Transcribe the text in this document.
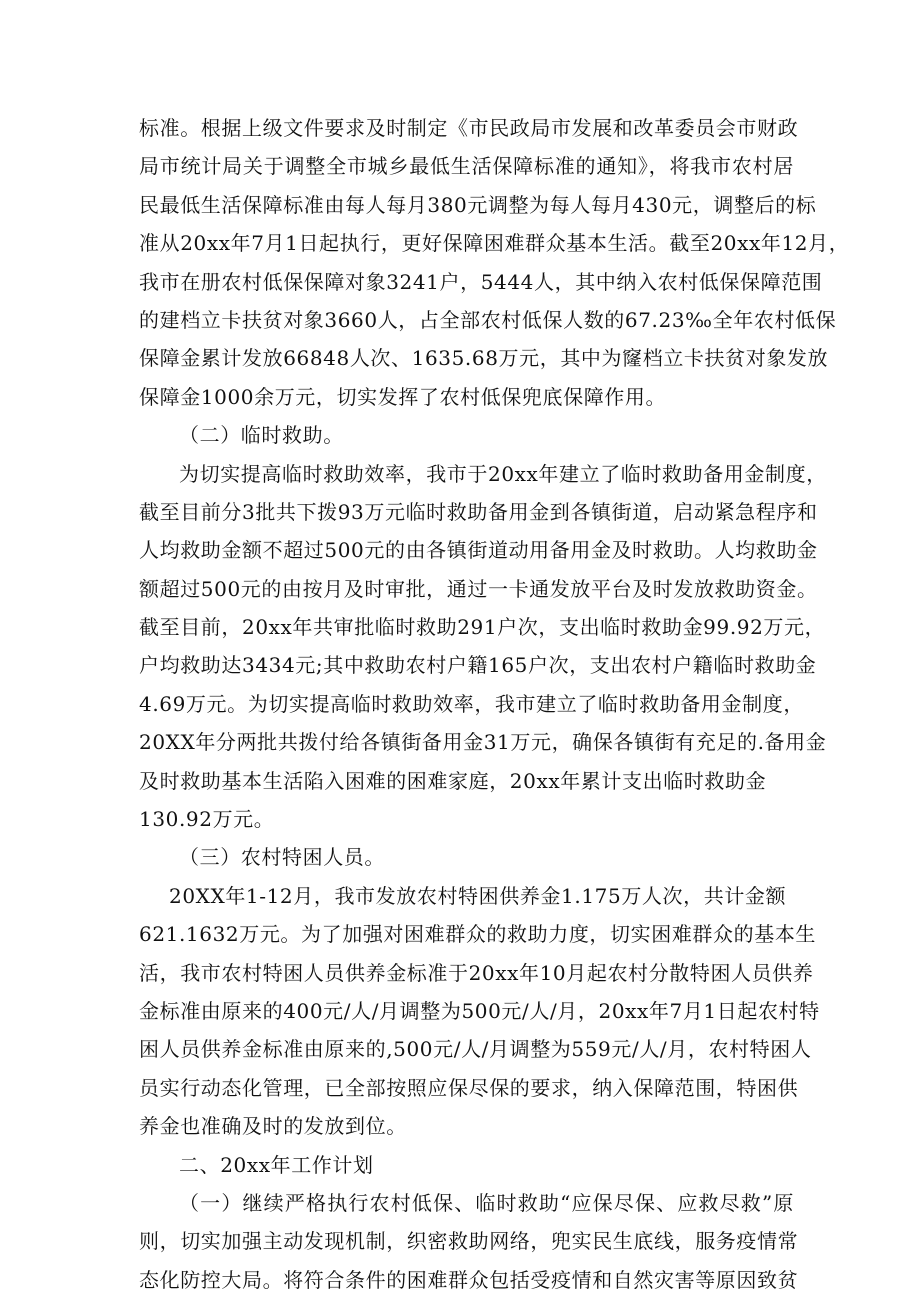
标准。根据上级文件要求及时制定《市民政局市发展和改革委员会市财政
局市统计局关于调整全市城乡最低生活保障标准的通知》，将我市农村居
民最低生活保障标准由每人每月380元调整为每人每月430元，调整后的标
准从20xx年7月1日起执行，更好保障困难群众基本生活。截至20xx年12月，
我市在册农村低保保障对象3241户，5444人，其中纳入农村低保保障范围
的建档立卡扶贫对象3660人，占全部农村低保人数的67.23‰全年农村低保
保障金累计发放66848人次、1635.68万元，其中为窿档立卡扶贫对象发放
保障金1000余万元，切实发挥了农村低保兜底保障作用。
（二）临时救助。
为切实提高临时救助效率，我市于20xx年建立了临时救助备用金制度，
截至目前分3批共下拨93万元临时救助备用金到各镇街道，启动紧急程序和
人均救助金额不超过500元的由各镇街道动用备用金及时救助。人均救助金
额超过500元的由按月及时审批，通过一卡通发放平台及时发放救助资金。
截至目前，20xx年共审批临时救助291户次，支出临时救助金99.92万元，
户均救助达3434元;其中救助农村户籍165户次，支出农村户籍临时救助金
4.69万元。为切实提高临时救助效率，我市建立了临时救助备用金制度，
20XX年分两批共拨付给各镇街备用金31万元，确保各镇街有充足的.备用金
及时救助基本生活陷入困难的困难家庭，20xx年累计支出临时救助金
130.92万元。
（三）农村特困人员。
20XX年1-12月，我市发放农村特困供养金1.175万人次，共计金额
621.1632万元。为了加强对困难群众的救助力度，切实困难群众的基本生
活，我市农村特困人员供养金标准于20xx年10月起农村分散特困人员供养
金标准由原来的400元/人/月调整为500元/人/月，20xx年7月1日起农村特
困人员供养金标准由原来的,500元/人/月调整为559元/人/月，农村特困人
员实行动态化管理，已全部按照应保尽保的要求，纳入保障范围，特困供
养金也准确及时的发放到位。
二、20xx年工作计划
（一）继续严格执行农村低保、临时救助“应保尽保、应救尽救”原
则，切实加强主动发现机制，织密救助网络，兜实民生底线，服务疫情常
态化防控大局。将符合条件的困难群众包括受疫情和自然灾害等原因致贫
